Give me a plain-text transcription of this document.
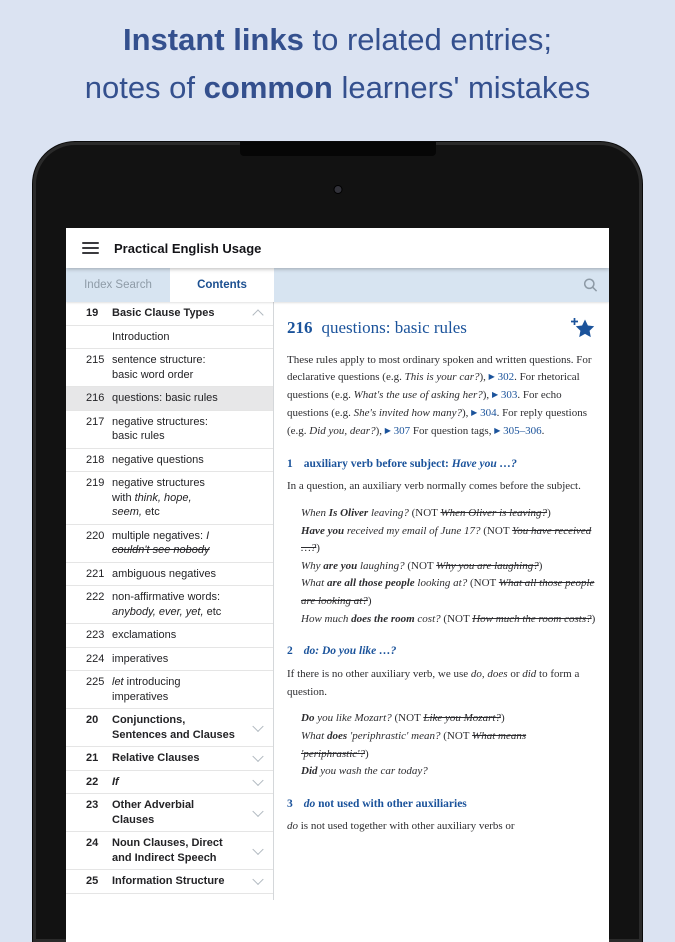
Instant links to related entries;
notes of common learners' mistakes
Practical English Usage
Index Search	Contents
19	Basic Clause Types
Introduction
215 sentence structure: basic word order
216 questions: basic rules
217 negative structures: basic rules
218 negative questions
219 negative structures with think, hope, seem, etc
220 multiple negatives: I couldn't see nobody
221 ambiguous negatives
222 non-affirmative words: anybody, ever, yet, etc
223 exclamations
224 imperatives
225 let introducing imperatives
20	Conjunctions, Sentences and Clauses
21	Relative Clauses
22	If
23	Other Adverbial Clauses
24	Noun Clauses, Direct and Indirect Speech
25	Information Structure
216 questions: basic rules
These rules apply to most ordinary spoken and written questions. For declarative questions (e.g. This is your car?), ▶ 302. For rhetorical questions (e.g. What's the use of asking her?), ▶ 303. For echo questions (e.g. She's invited how many?), ▶ 304. For reply questions (e.g. Did you, dear?), ▶ 307 For question tags, ▶ 305–306.
1 auxiliary verb before subject: Have you …?
In a question, an auxiliary verb normally comes before the subject.
When Is Oliver leaving? (NOT When Oliver is leaving?)
Have you received my email of June 17? (NOT You have received …?)
Why are you laughing? (NOT Why you are laughing?)
What are all those people looking at? (NOT What all those people are looking at?)
How much does the room cost? (NOT How much the room costs?)
2 do: Do you like …?
If there is no other auxiliary verb, we use do, does or did to form a question.
Do you like Mozart? (NOT Like you Mozart?)
What does 'periphrastic' mean? (NOT What means 'periphrastic'?)
Did you wash the car today?
3 do not used with other auxiliaries
do is not used together with other auxiliary verbs or
